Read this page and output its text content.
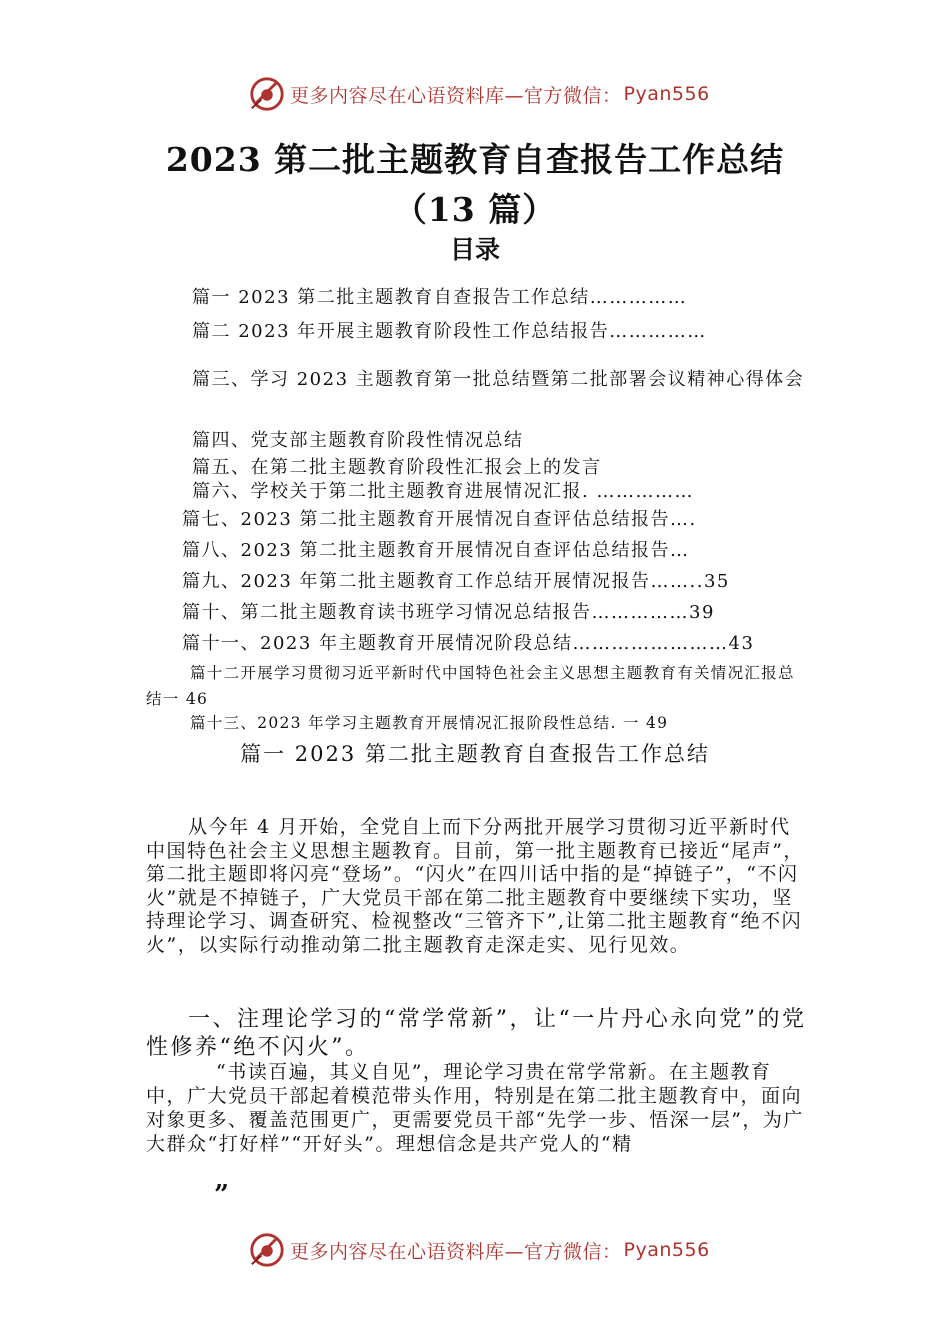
更多内容尽在心语资料库—官方微信： Pyan556
2023 第二批主题教育自查报告工作总结
（13 篇）
目录
篇一 2023 第二批主题教育自查报告工作总结……………
篇二 2023 年开展主题教育阶段性工作总结报告……………
篇三、学习 2023 主题教育第一批总结暨第二批部署会议精神心得体会
篇四、党支部主题教育阶段性情况总结
篇五、在第二批主题教育阶段性汇报会上的发言
篇六、学校关于第二批主题教育进展情况汇报. ……………
篇七、2023 第二批主题教育开展情况自查评估总结报告….
篇八、2023 第二批主题教育开展情况自查评估总结报告…
篇九、2023 年第二批主题教育工作总结开展情况报告……..35
篇十、第二批主题教育读书班学习情况总结报告……………39
篇十一、2023 年主题教育开展情况阶段总结……………………43
篇十二开展学习贯彻习近平新时代中国特色社会主义思想主题教育有关情况汇报总结一 46
篇十三、2023 年学习主题教育开展情况汇报阶段性总结. 一 49
篇一 2023 第二批主题教育自查报告工作总结

从今年 4 月开始，全党自上而下分两批开展学习贯彻习近平新时代中国特色社会主义思想主题教育。目前，第一批主题教育已接近“尾声”，第二批主题即将闪亮“登场”。“闪火”在四川话中指的是“掉链子”，“不闪火”就是不掉链子，广大党员干部在第二批主题教育中要继续下实功，坚持理论学习、调查研究、检视整改“三管齐下”,让第二批主题教育“绝不闪火”，以实际行动推动第二批主题教育走深走实、见行见效。

一、注理论学习的“常学常新”，让“一片丹心永向党”的党性修养“绝不闪火”。

“书读百遍，其义自见”，理论学习贵在常学常新。在主题教育中，广大党员干部起着模范带头作用，特别是在第二批主题教育中，面向对象更多、覆盖范围更广，更需要党员干部“先学一步、悟深一层”，为广大群众“打好样”“开好头”。理想信念是共产党人的“精

”
更多内容尽在心语资料库—官方微信： Pyan556
